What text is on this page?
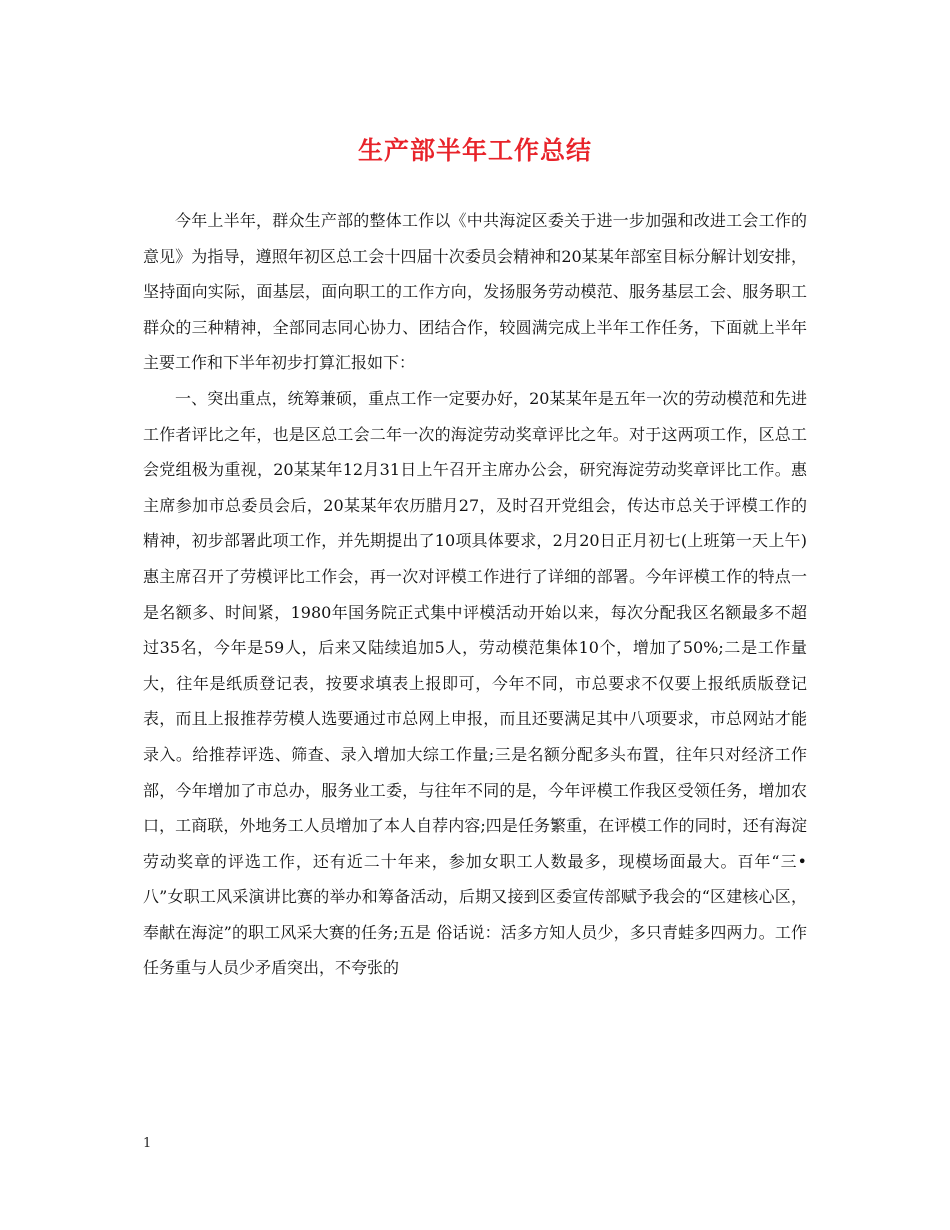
生产部半年工作总结

今年上半年，群众生产部的整体工作以《中共海淀区委关于进一步加强和改进工会工作的意见》为指导，遵照年初区总工会十四届十次委员会精神和20某某年部室目标分解计划安排，坚持面向实际，面基层，面向职工的工作方向，发扬服务劳动模范、服务基层工会、服务职工群众的三种精神，全部同志同心协力、团结合作，较圆满完成上半年工作任务，下面就上半年主要工作和下半年初步打算汇报如下：

一、突出重点，统筹兼硕，重点工作一定要办好，20某某年是五年一次的劳动模范和先进工作者评比之年，也是区总工会二年一次的海淀劳动奖章评比之年。对于这两项工作，区总工会党组极为重视，20某某年12月31日上午召开主席办公会，研究海淀劳动奖章评比工作。惠主席参加市总委员会后，20某某年农历腊月27，及时召开党组会，传达市总关于评模工作的精神，初步部署此项工作，并先期提出了10项具体要求，2月20日正月初七(上班第一天上午)惠主席召开了劳模评比工作会，再一次对评模工作进行了详细的部署。今年评模工作的特点一是名额多、时间紧，1980年国务院正式集中评模活动开始以来，每次分配我区名额最多不超过35名，今年是59人，后来又陆续追加5人，劳动模范集体10个，增加了50%;二是工作量大，往年是纸质登记表，按要求填表上报即可，今年不同，市总要求不仅要上报纸质版登记表，而且上报推荐劳模人选要通过市总网上申报，而且还要满足其中八项要求，市总网站才能录入。给推荐评选、筛查、录入增加大综工作量;三是名额分配多头布置，往年只对经济工作部，今年增加了市总办，服务业工委，与往年不同的是，今年评模工作我区受领任务，增加农口，工商联，外地务工人员增加了本人自荐内容;四是任务繁重，在评模工作的同时，还有海淀劳动奖章的评选工作，还有近二十年来，参加女职工人数最多，现模场面最大。百年“三•八”女职工风采演讲比赛的举办和筹备活动，后期又接到区委宣传部赋予我会的“区建核心区，奉献在海淀”的职工风采大赛的任务;五是 俗话说：活多方知人员少，多只青蛙多四两力。工作任务重与人员少矛盾突出，不夸张的

1
